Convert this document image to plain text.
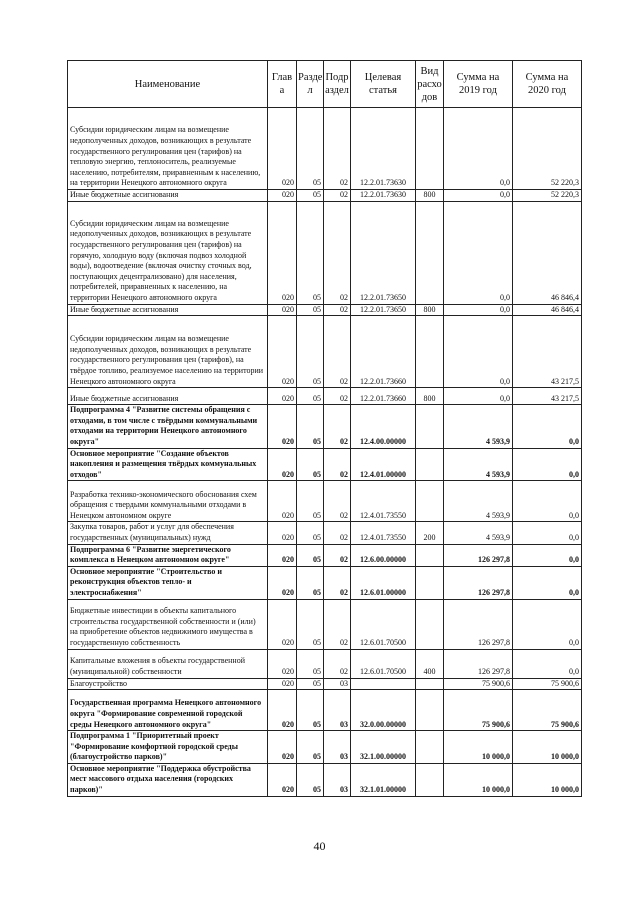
Наименование	Глав а	Разде л	Подр аздел	Целевая статья	Вид расхо дов	Сумма на 2019 год	Сумма на 2020 год
Субсидии юридическим лицам на возмещение недополученных доходов, возникающих в результате государственного регулирования цен (тарифов) на тепловую энергию, теплоноситель, реализуемые населению, потребителям, приравненным к населению, на территории Ненецкого автономного округа	020	05	02	12.2.01.73630		0,0	52 220,3
Иные бюджетные ассигнования	020	05	02	12.2.01.73630	800	0,0	52 220,3
Субсидии юридическим лицам на возмещение недополученных доходов, возникающих в результате государственного регулирования цен (тарифов) на горячую, холодную воду (включая подвоз холодной воды), водоотведение (включая очистку сточных вод, поступающих децентрализовано) для населения, потребителей, приравненных к населению, на территории Ненецкого автономного округа	020	05	02	12.2.01.73650		0,0	46 846,4
Иные бюджетные ассигнования	020	05	02	12.2.01.73650	800	0,0	46 846,4
Субсидии юридическим лицам на возмещение недополученных доходов, возникающих в результате государственного регулирования цен (тарифов), на твёрдое топливо, реализуемое населению на территории Ненецкого автономного округа	020	05	02	12.2.01.73660		0,0	43 217,5
Иные бюджетные ассигнования	020	05	02	12.2.01.73660	800	0,0	43 217,5
Подпрограмма 4 "Развитие системы обращения с отходами, в том числе с твёрдыми коммунальными отходами на территории Ненецкого автономного округа"	020	05	02	12.4.00.00000		4 593,9	0,0
Основное мероприятие "Создание объектов накопления и размещения твёрдых коммунальных отходов"	020	05	02	12.4.01.00000		4 593,9	0,0
Разработка технико-экономического обоснования схем обращения с твердыми коммунальными отходами в Ненецком автономном округе	020	05	02	12.4.01.73550		4 593,9	0,0
Закупка товаров, работ и услуг для обеспечения государственных (муниципальных) нужд	020	05	02	12.4.01.73550	200	4 593,9	0,0
Подпрограмма 6 "Развитие энергетического комплекса в Ненецком автономном округе"	020	05	02	12.6.00.00000		126 297,8	0,0
Основное мероприятие "Строительство и реконструкция объектов тепло- и электроснабжения"	020	05	02	12.6.01.00000		126 297,8	0,0
Бюджетные инвестиции в объекты капитального строительства государственной собственности и (или) на приобретение объектов недвижимого имущества в государственную собственность	020	05	02	12.6.01.70500		126 297,8	0,0
Капитальные вложения в объекты государственной (муниципальной) собственности	020	05	02	12.6.01.70500	400	126 297,8	0,0
Благоустройство	020	05	03			75 900,6	75 900,6
Государственная программа Ненецкого автономного округа "Формирование современной городской среды Ненецкого автономного округа"	020	05	03	32.0.00.00000		75 900,6	75 900,6
Подпрограмма 1 "Приоритетный проект "Формирование комфортной городской среды (благоустройство парков)"	020	05	03	32.1.00.00000		10 000,0	10 000,0
Основное мероприятие "Поддержка обустройства мест массового отдыха населения (городских парков)"	020	05	03	32.1.01.00000		10 000,0	10 000,0
40
